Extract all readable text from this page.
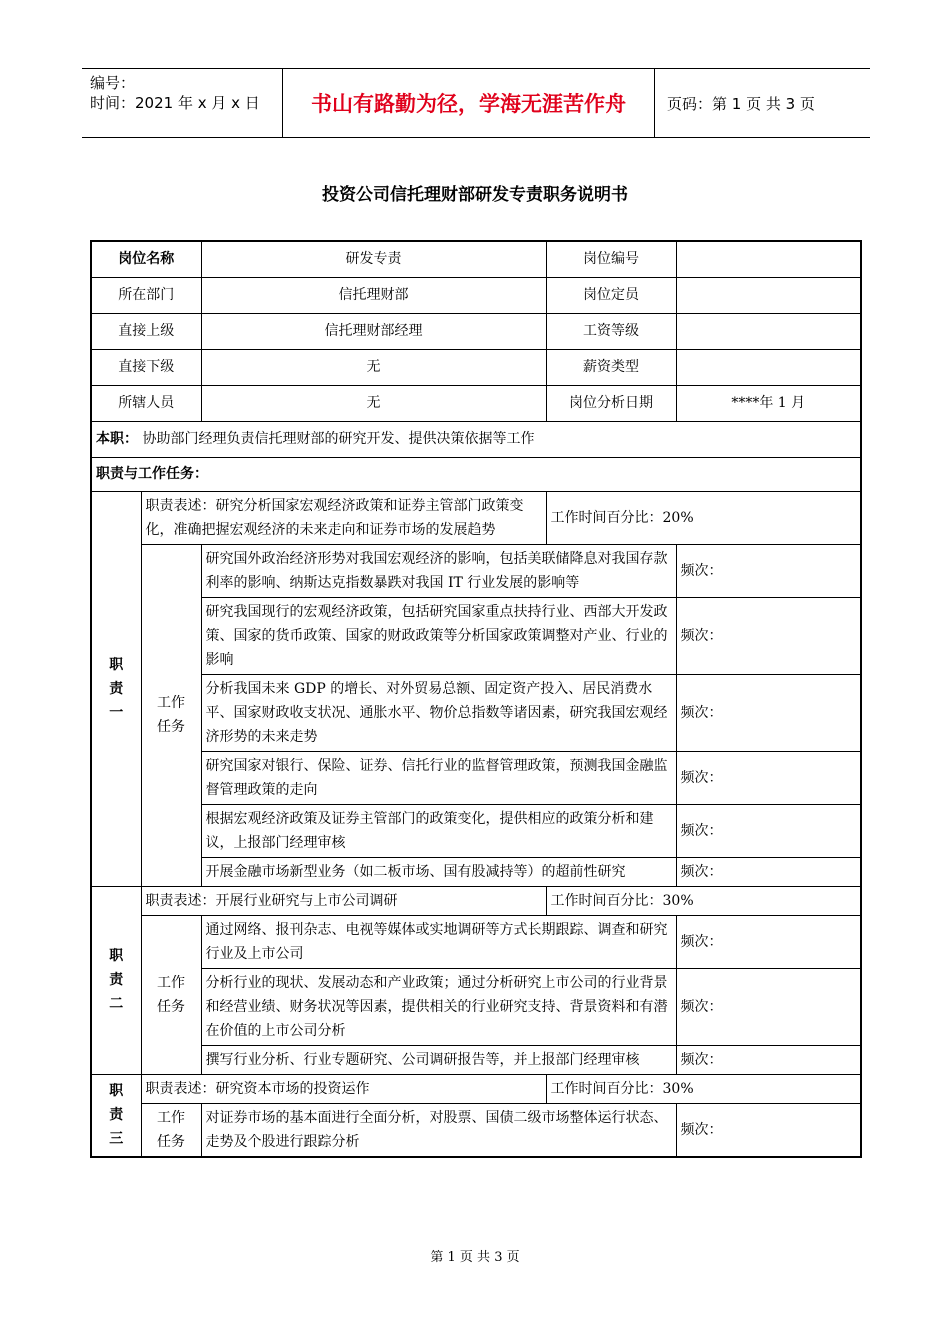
编号：
时间：2021 年 x 月 x 日	书山有路勤为径，学海无涯苦作舟	页码：第 1 页 共 3 页
投资公司信托理财部研发专责职务说明书
岗位名称		研发专责	岗位编号	
所在部门		信托理财部	岗位定员	
直接上级		信托理财部经理	工资等级	
直接下级		无	薪资类型	
所辖人员		无	岗位分析日期	****年 1 月
本职： 协助部门经理负责信托理财部的研究开发、提供决策依据等工作				
职责与工作任务：				

职
责
一	职责表述：研究分析国家宏观经济政策和证券主管部门政策变化，准确把握宏观经济的未来走向和证券市场的发展趋势		工作时间百分比：20%	
	工作任务	研究国外政治经济形势对我国宏观经济的影响，包括美联储降息对我国存款利率的影响、纳斯达克指数暴跌对我国 IT 行业发展的影响等		频次：
		研究我国现行的宏观经济政策，包括研究国家重点扶持行业、西部大开发政策、国家的货币政策、国家的财政政策等分析国家政策调整对产业、行业的影响		频次：
		分析我国未来 GDP 的增长、对外贸易总额、固定资产投入、居民消费水平、国家财政收支状况、通胀水平、物价总指数等诸因素，研究我国宏观经济形势的未来走势		频次：
		研究国家对银行、保险、证券、信托行业的监督管理政策，预测我国金融监督管理政策的走向		频次：
		根据宏观经济政策及证券主管部门的政策变化，提供相应的政策分析和建议，上报部门经理审核		频次：
		开展金融市场新型业务（如二板市场、国有股减持等）的超前性研究		频次：

职
责
二	职责表述：开展行业研究与上市公司调研		工作时间百分比：30%	
	工作任务	通过网络、报刊杂志、电视等媒体或实地调研等方式长期跟踪、调查和研究行业及上市公司		频次：
		分析行业的现状、发展动态和产业政策；通过分析研究上市公司的行业背景和经营业绩、财务状况等因素，提供相关的行业研究支持、背景资料和有潜在价值的上市公司分析		频次：
		撰写行业分析、行业专题研究、公司调研报告等，并上报部门经理审核		频次：

职
责
三	职责表述：研究资本市场的投资运作		工作时间百分比：30%	
	工作任务	对证券市场的基本面进行全面分析，对股票、国债二级市场整体运行状态、走势及个股进行跟踪分析		频次：
第 1 页 共 3 页
